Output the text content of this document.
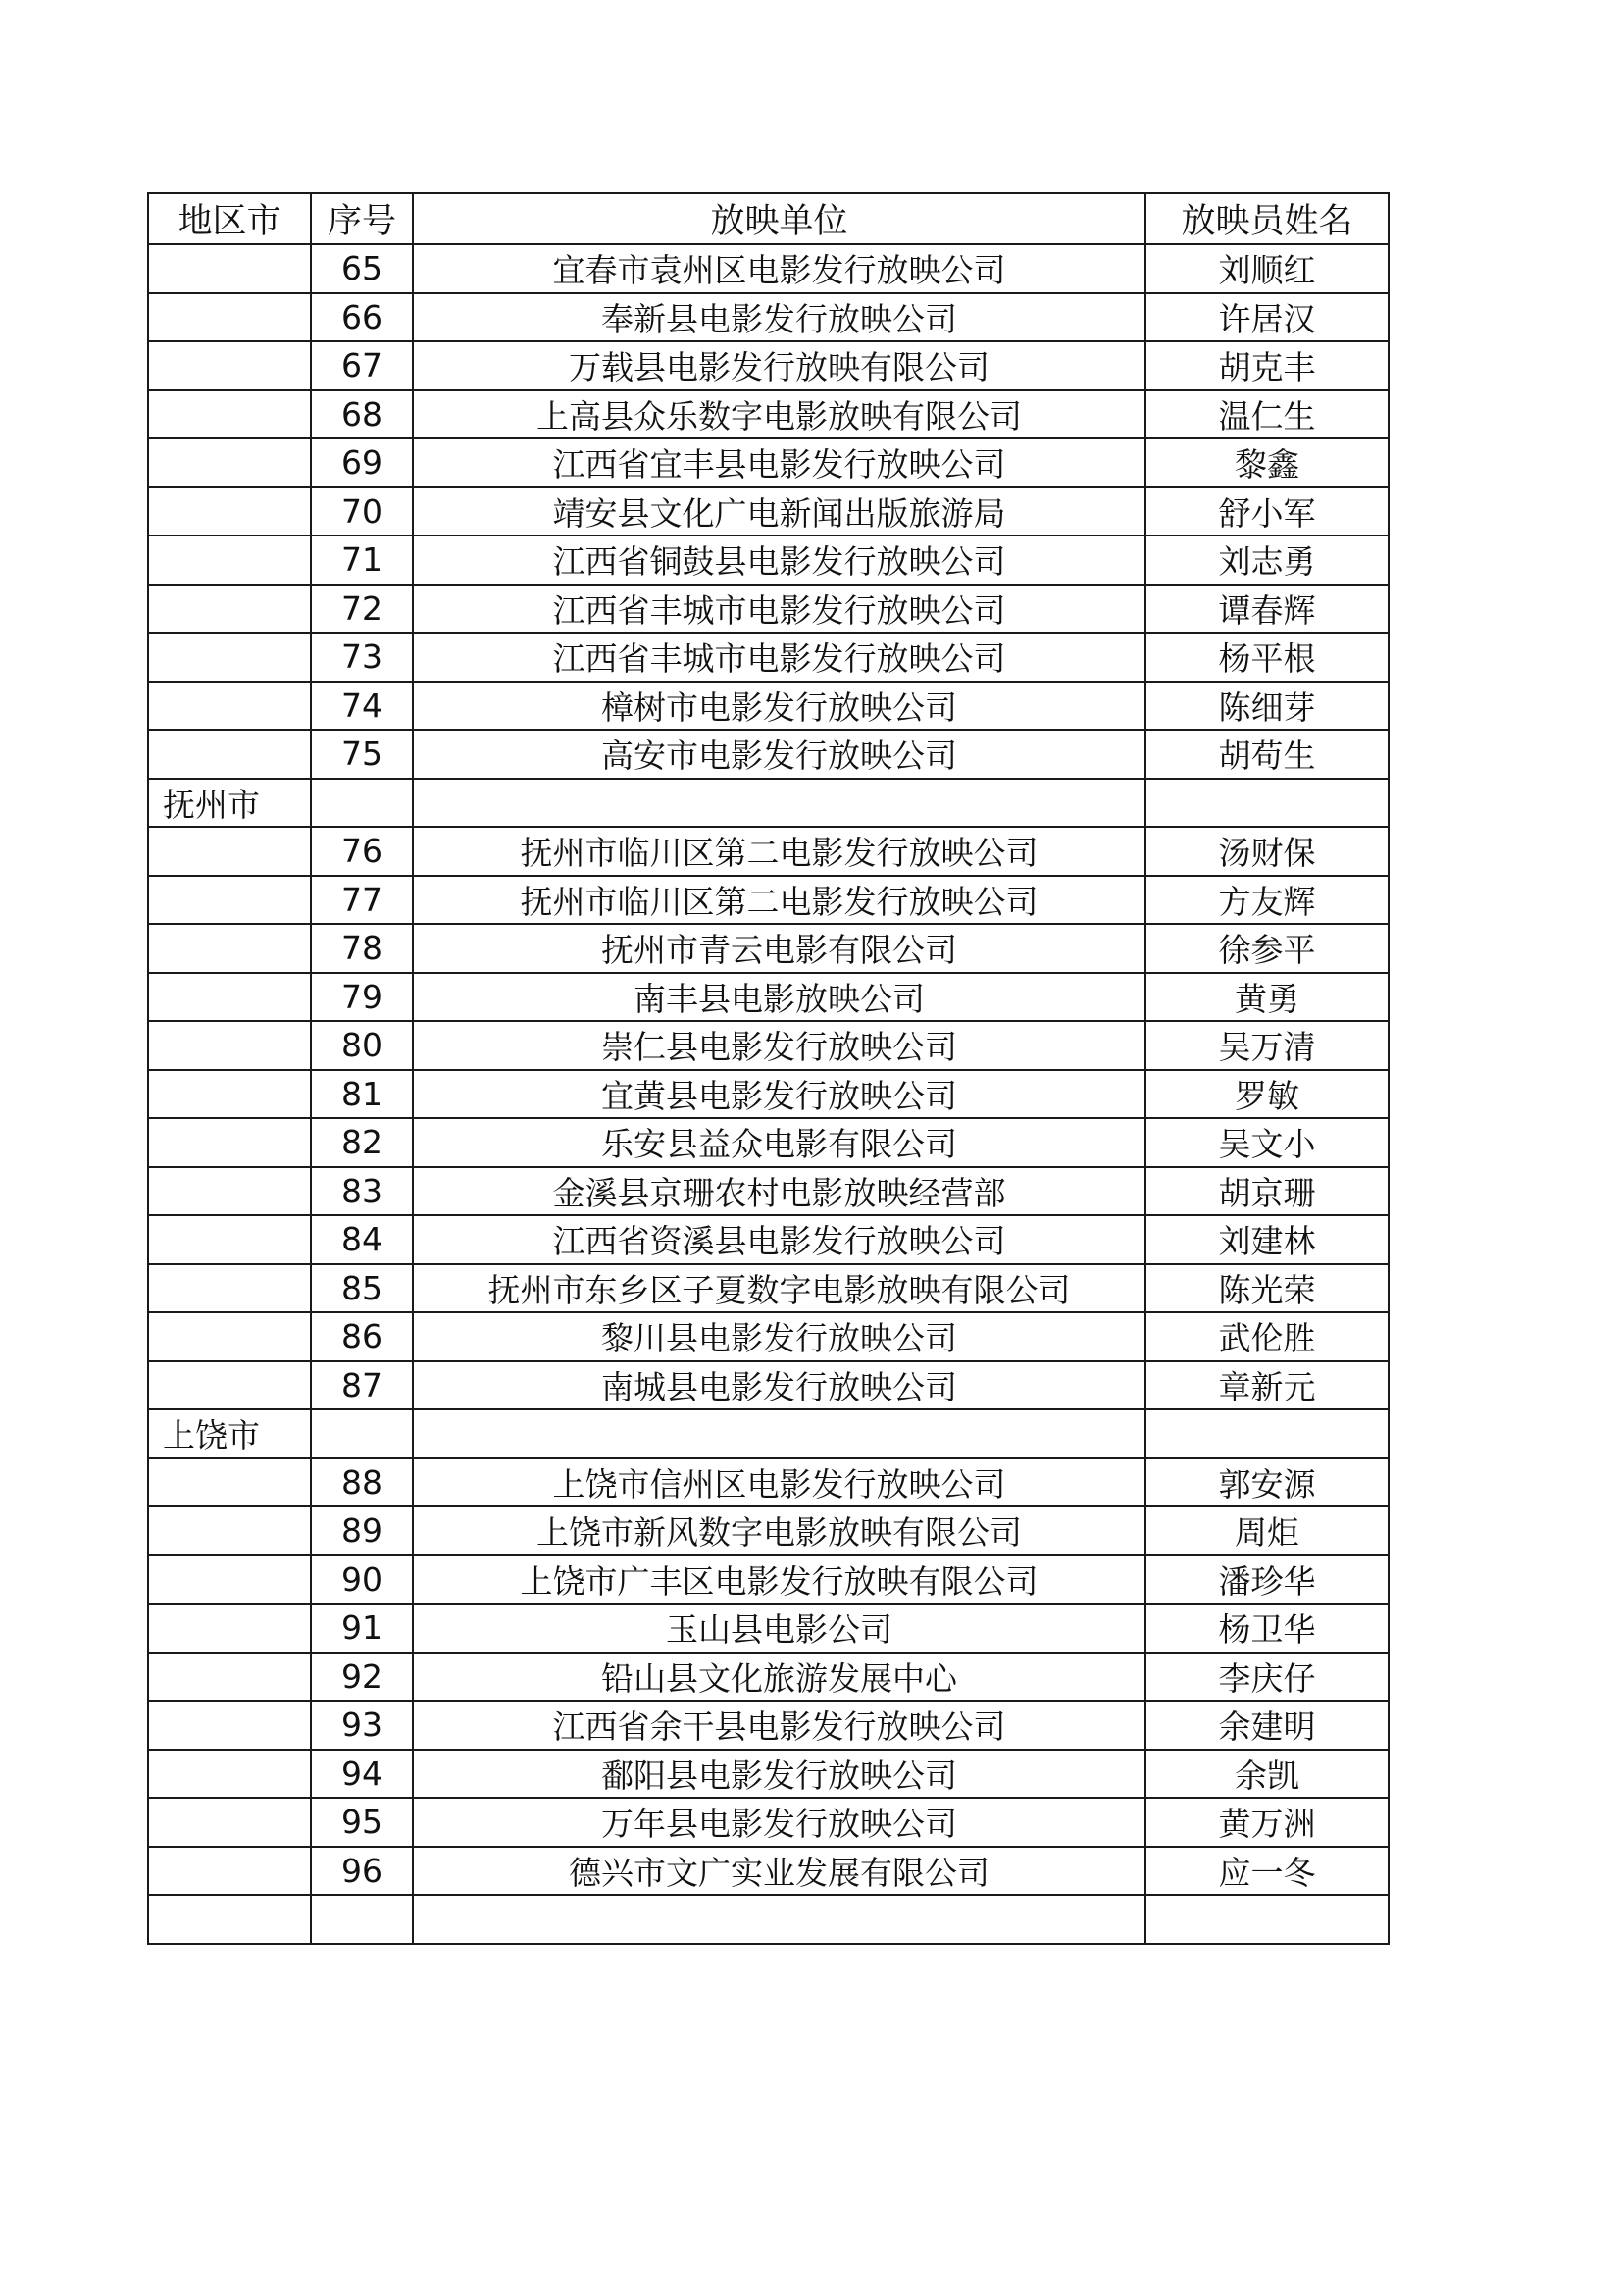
地区市	序号	放映单位	放映员姓名
	65	宜春市袁州区电影发行放映公司	刘顺红
	66	奉新县电影发行放映公司	许居汉
	67	万载县电影发行放映有限公司	胡克丰
	68	上高县众乐数字电影放映有限公司	温仁生
	69	江西省宜丰县电影发行放映公司	黎鑫
	70	靖安县文化广电新闻出版旅游局	舒小军
	71	江西省铜鼓县电影发行放映公司	刘志勇
	72	江西省丰城市电影发行放映公司	谭春辉
	73	江西省丰城市电影发行放映公司	杨平根
	74	樟树市电影发行放映公司	陈细芽
	75	高安市电影发行放映公司	胡苟生
抚州市			
	76	抚州市临川区第二电影发行放映公司	汤财保
	77	抚州市临川区第二电影发行放映公司	方友辉
	78	抚州市青云电影有限公司	徐参平
	79	南丰县电影放映公司	黄勇
	80	崇仁县电影发行放映公司	吴万清
	81	宜黄县电影发行放映公司	罗敏
	82	乐安县益众电影有限公司	吴文小
	83	金溪县京珊农村电影放映经营部	胡京珊
	84	江西省资溪县电影发行放映公司	刘建林
	85	抚州市东乡区子夏数字电影放映有限公司	陈光荣
	86	黎川县电影发行放映公司	武伦胜
	87	南城县电影发行放映公司	章新元
上饶市			
	88	上饶市信州区电影发行放映公司	郭安源
	89	上饶市新风数字电影放映有限公司	周炬
	90	上饶市广丰区电影发行放映有限公司	潘珍华
	91	玉山县电影公司	杨卫华
	92	铅山县文化旅游发展中心	李庆仔
	93	江西省余干县电影发行放映公司	余建明
	94	鄱阳县电影发行放映公司	余凯
	95	万年县电影发行放映公司	黄万洲
	96	德兴市文广实业发展有限公司	应一冬
